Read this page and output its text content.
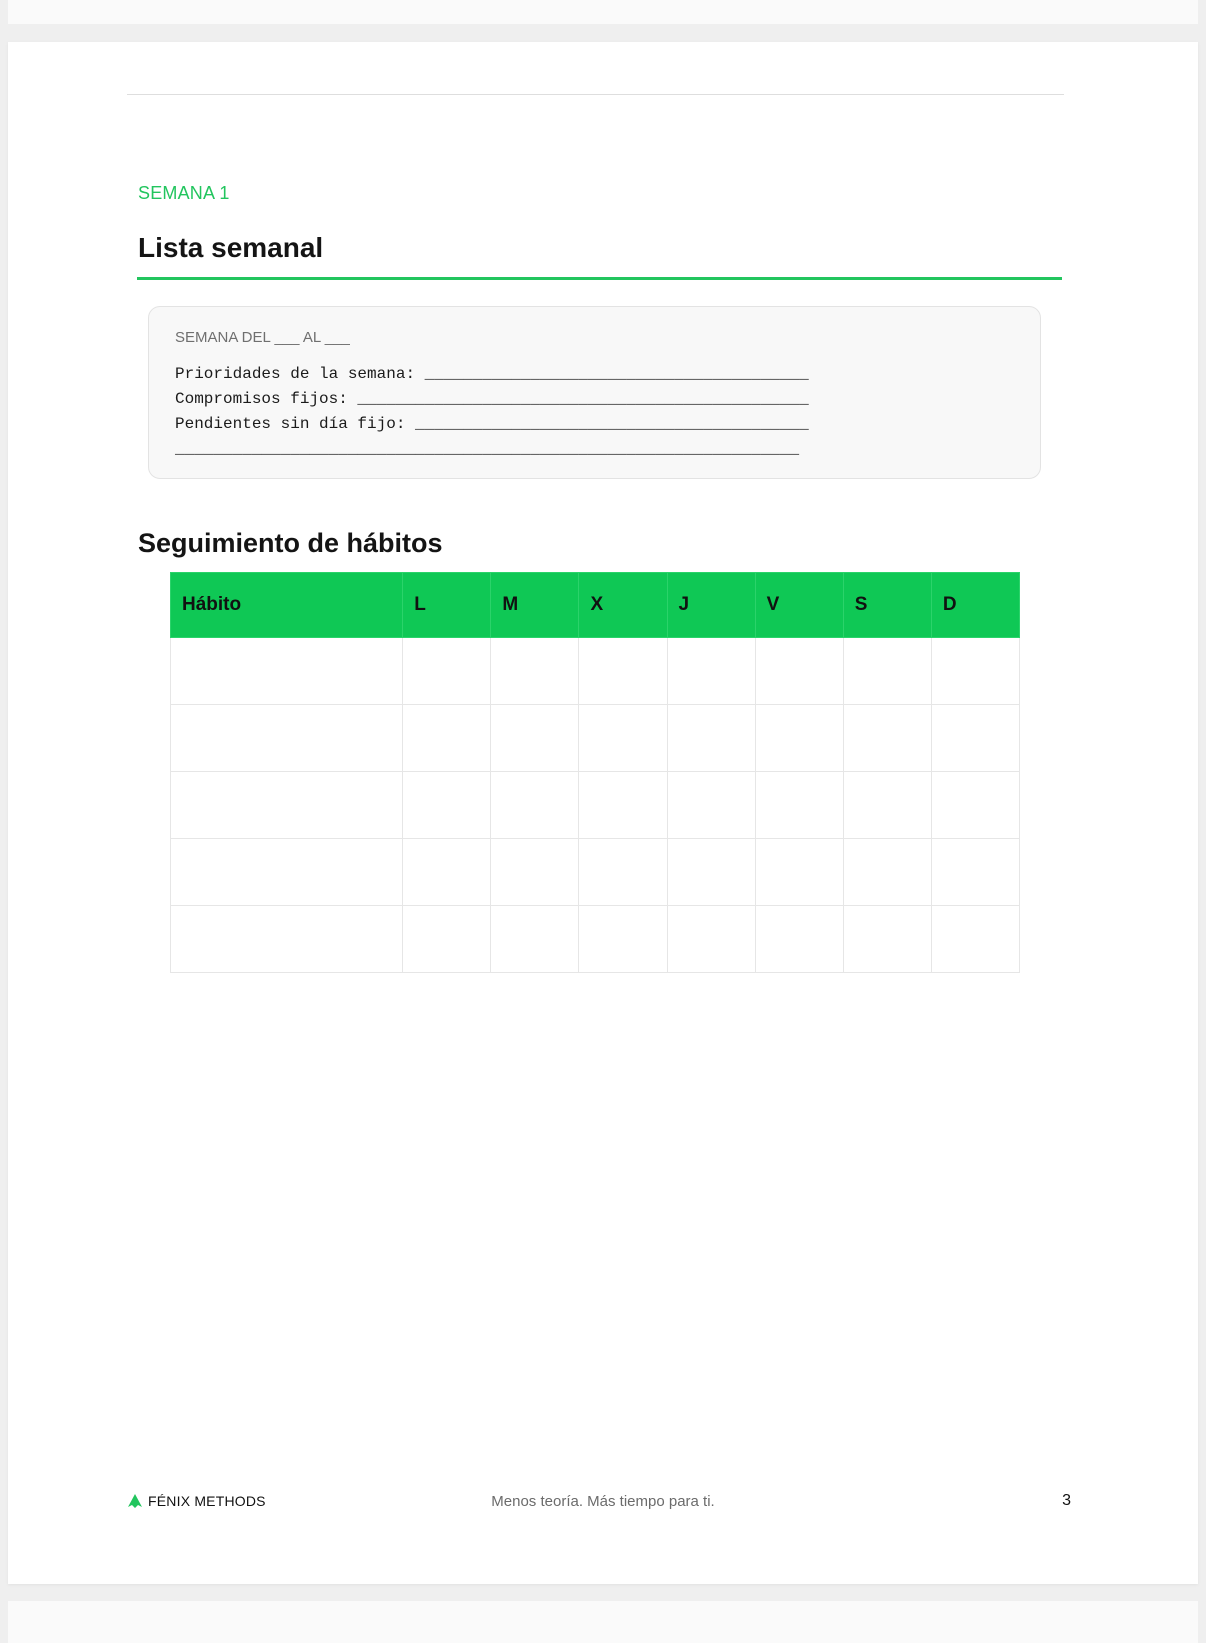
SEMANA 1
Lista semanal
SEMANA DEL ___ AL ___
Prioridades de la semana: ________________________________________
Compromisos fijos: _______________________________________________
Pendientes sin día fijo: _________________________________________
_________________________________________________________________
Seguimiento de hábitos
Hábito	L	M	X	J	V	S	D

FÉNIX METHODS	Menos teoría. Más tiempo para ti.	3
